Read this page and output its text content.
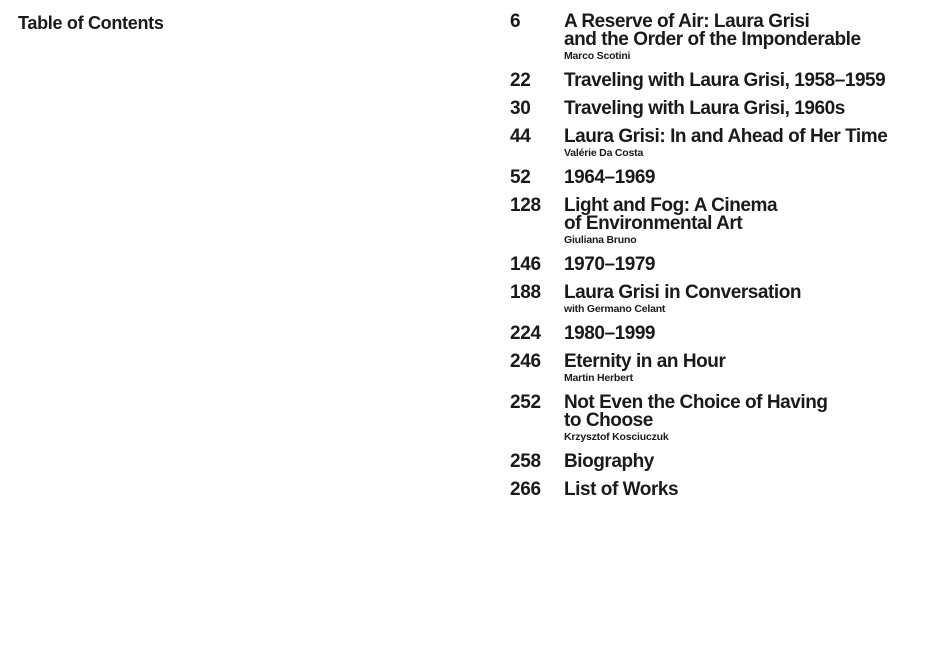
Table of Contents	6	A Reserve of Air: Laura Grisi
and the Order of the Imponderable
Marco Scotini
22	Traveling with Laura Grisi, 1958–1959
30	Traveling with Laura Grisi, 1960s
44	Laura Grisi: In and Ahead of Her Time
Valérie Da Costa
52	1964–1969
128	Light and Fog: A Cinema
of Environmental Art
Giuliana Bruno
146	1970–1979
188	Laura Grisi in Conversation
with Germano Celant
224	1980–1999
246	Eternity in an Hour
Martin Herbert
252	Not Even the Choice of Having
to Choose
Krzysztof Kosciuczuk
258	Biography
266	List of Works
